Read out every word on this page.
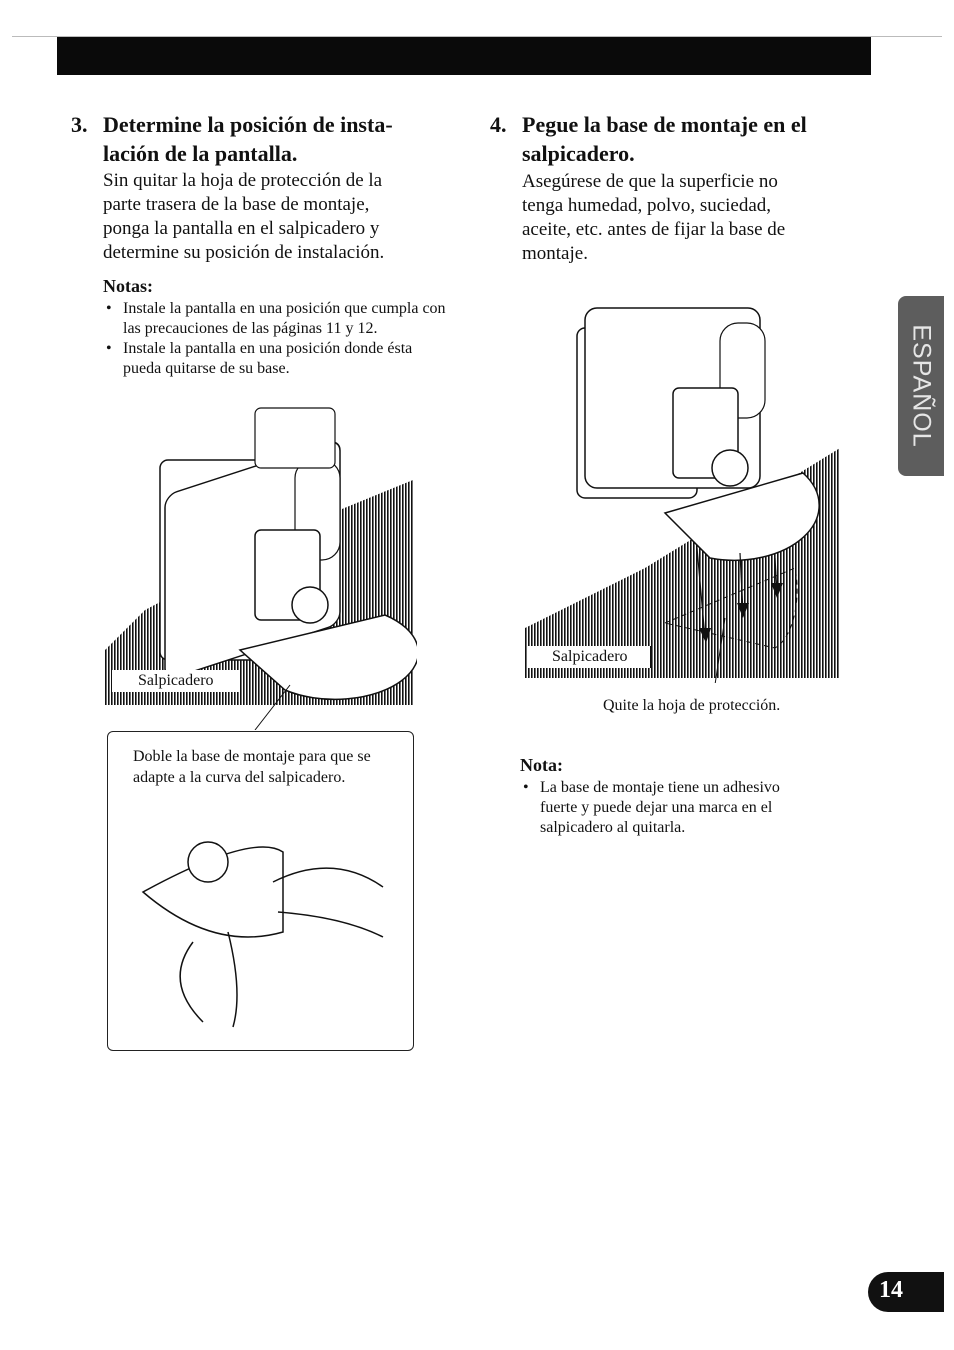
3. Determine la posición de insta-
lación de la pantalla.

Sin quitar la hoja de protección de la parte trasera de la base de montaje, ponga la pantalla en el salpicadero y determine su posición de instalación.

Notas:

• Instale la pantalla en una posición que cumpla con las precauciones de las páginas 11 y 12.
• Instale la pantalla en una posición donde ésta pueda quitarse de su base.
Salpicadero

Doble la base de montaje para que se adapte a la curva del salpicadero.

4. Pegue la base de montaje en el
salpicadero.

Asegúrese de que la superficie no tenga humedad, polvo, suciedad, aceite, etc. antes de fijar la base de montaje.

Salpicadero
Quite la hoja de protección.

Nota:

• La base de montaje tiene un adhesivo fuerte y puede dejar una marca en el salpicadero al quitarla.
ESPAÑOL
14
